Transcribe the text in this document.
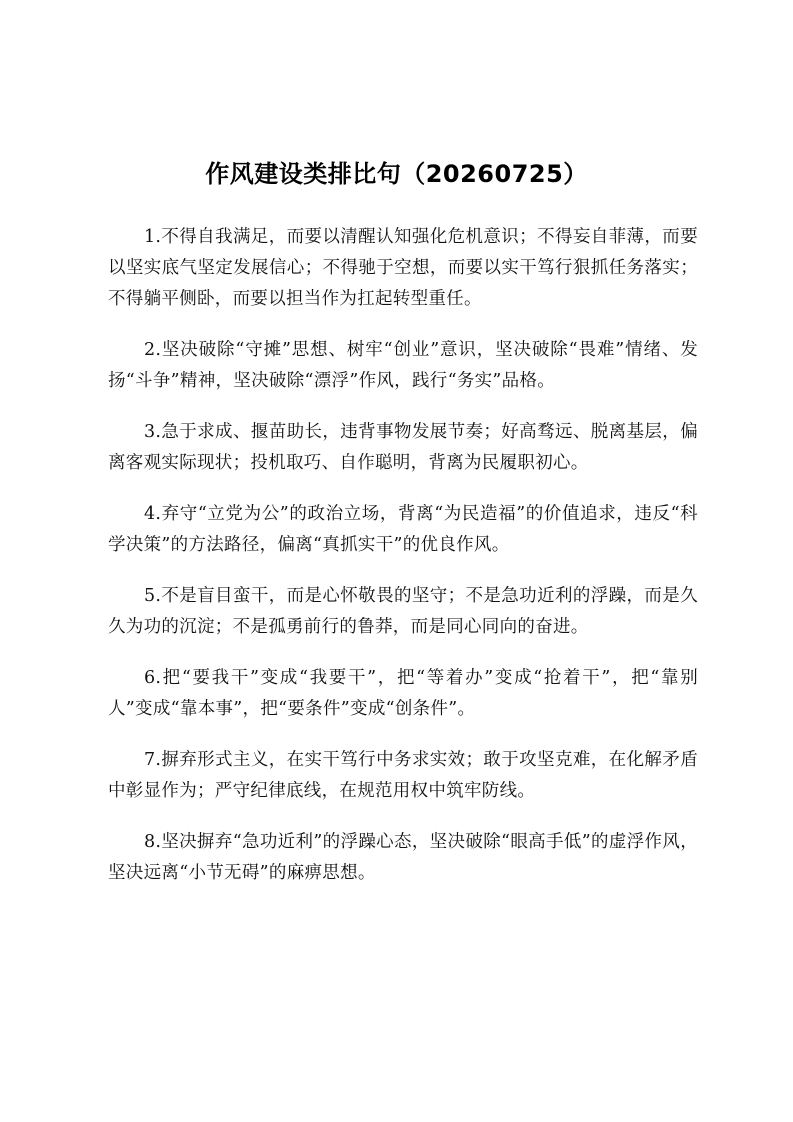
作风建设类排比句（20260725）

1.不得自我满足，而要以清醒认知强化危机意识；不得妄自菲薄，而要以坚实底气坚定发展信心；不得驰于空想，而要以实干笃行狠抓任务落实；不得躺平侧卧，而要以担当作为扛起转型重任。

2.坚决破除“守摊”思想、树牢“创业”意识，坚决破除“畏难”情绪、发扬“斗争”精神，坚决破除“漂浮”作风，践行“务实”品格。

3.急于求成、揠苗助长，违背事物发展节奏；好高骛远、脱离基层，偏离客观实际现状；投机取巧、自作聪明，背离为民履职初心。

4.弃守“立党为公”的政治立场，背离“为民造福”的价值追求，违反“科学决策”的方法路径，偏离“真抓实干”的优良作风。

5.不是盲目蛮干，而是心怀敬畏的坚守；不是急功近利的浮躁，而是久久为功的沉淀；不是孤勇前行的鲁莽，而是同心同向的奋进。

6.把“要我干”变成“我要干”，把“等着办”变成“抢着干”，把“靠别人”变成“靠本事”，把“要条件”变成“创条件”。

7.摒弃形式主义，在实干笃行中务求实效；敢于攻坚克难，在化解矛盾中彰显作为；严守纪律底线，在规范用权中筑牢防线。

8.坚决摒弃“急功近利”的浮躁心态，坚决破除“眼高手低”的虚浮作风，坚决远离“小节无碍”的麻痹思想。
